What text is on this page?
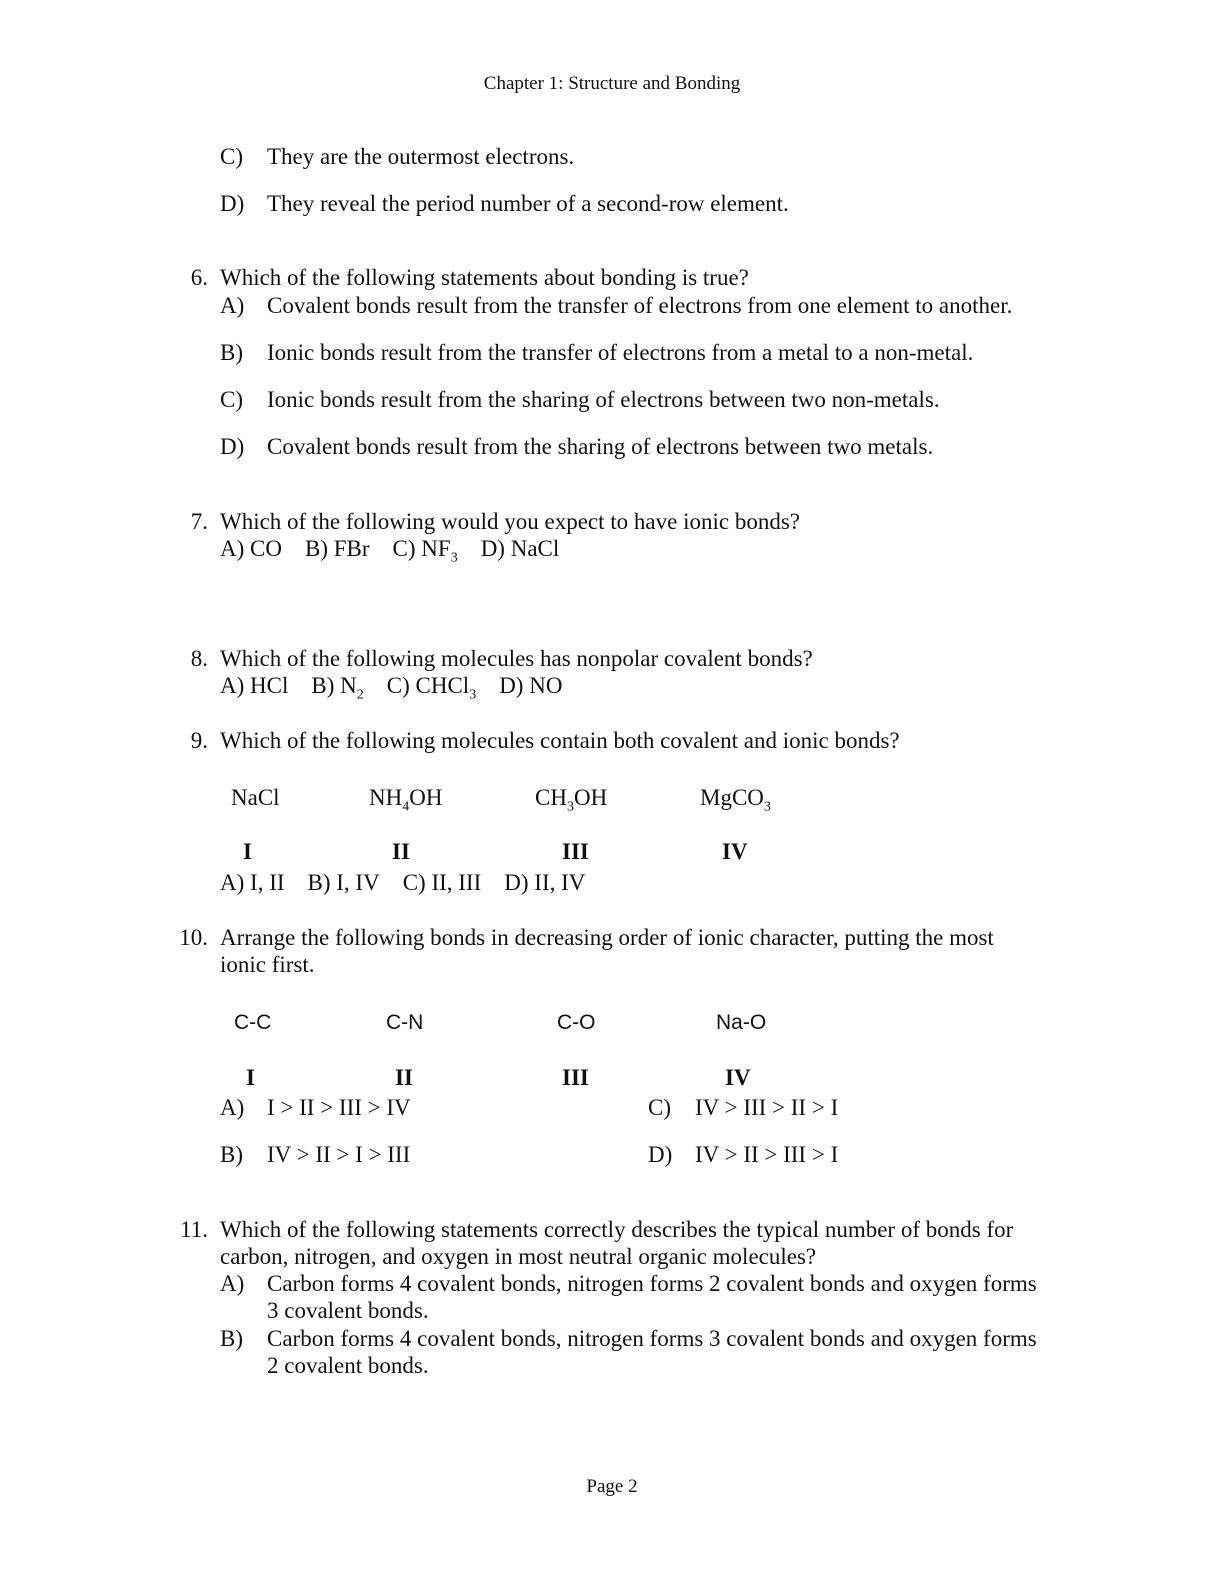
Chapter 1: Structure and Bonding
C) They are the outermost electrons.
D) They reveal the period number of a second-row element.
6. Which of the following statements about bonding is true?
A) Covalent bonds result from the transfer of electrons from one element to another.
B) Ionic bonds result from the transfer of electrons from a metal to a non-metal.
C) Ionic bonds result from the sharing of electrons between two non-metals.
D) Covalent bonds result from the sharing of electrons between two metals.
7. Which of the following would you expect to have ionic bonds?
A) CO B) FBr C) $NF_3$ D) NaCl
8. Which of the following molecules has nonpolar covalent bonds?
A) HCl B) $N_2$ C) CHCl$_3$ D) NO
9. Which of the following molecules contain both covalent and ionic bonds?
NaCl	$NH_4OH$	$CH_3OH$	MgCO$_3$
I	II	III	IV
A) I, II B) I, IV C) II, III D) II, IV
10. Arrange the following bonds in decreasing order of ionic character, putting the most
ionic first.
C-C	C-N	C-O	Na-O
I	II	III	IV
A) I > II > III > IV
B) IV > II > I > III
C) IV > III > II > I
D) IV > II > III > I
11. Which of the following statements correctly describes the typical number of bonds for
carbon, nitrogen, and oxygen in most neutral organic molecules?
A) Carbon forms 4 covalent bonds, nitrogen forms 2 covalent bonds and oxygen forms
3 covalent bonds.
B) Carbon forms 4 covalent bonds, nitrogen forms 3 covalent bonds and oxygen forms
2 covalent bonds.
Page 2
